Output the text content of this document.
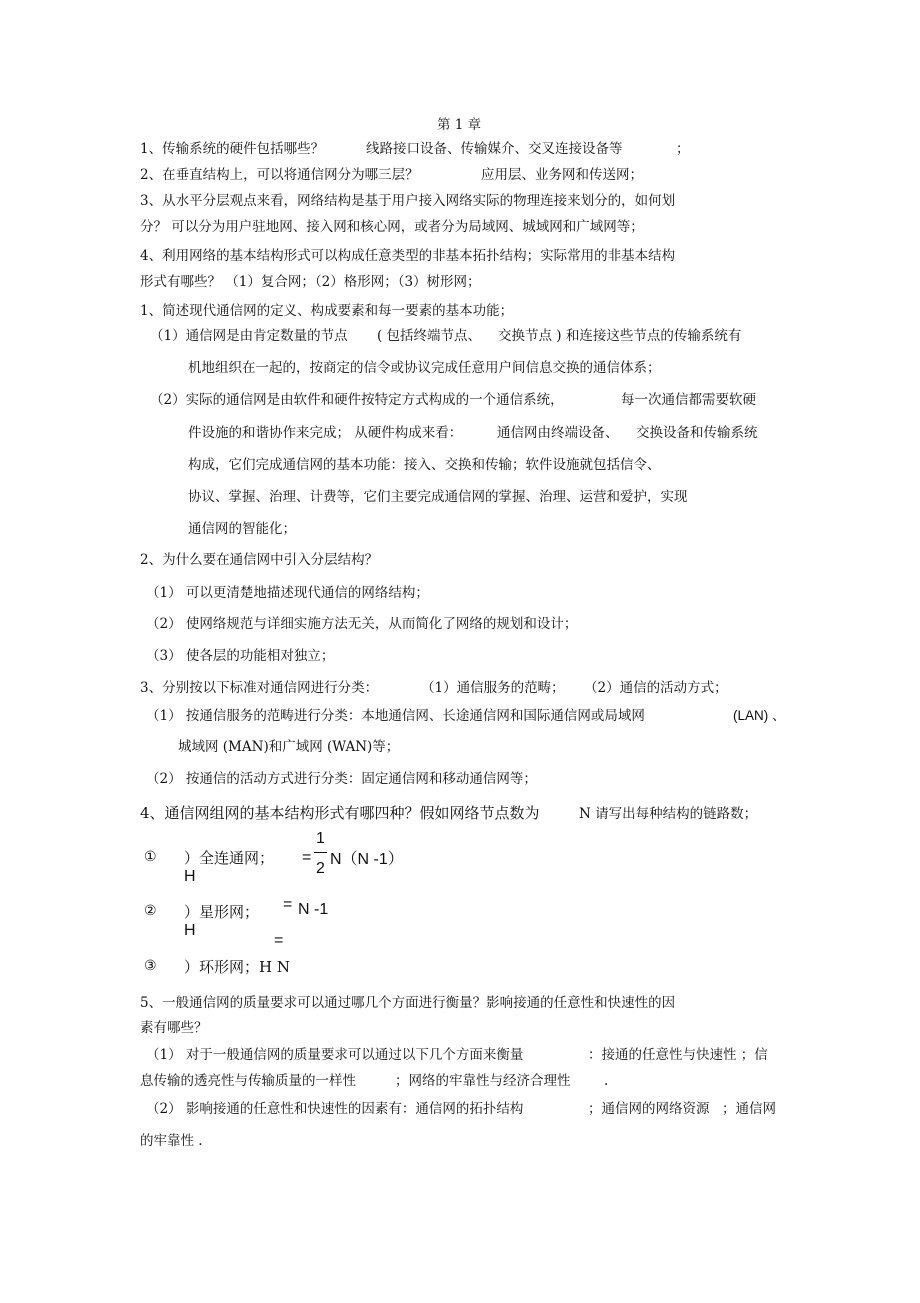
第 1 章
1、传输系统的硬件包括哪些？	线路接口设备、传输媒介、交叉连接设备等	；
2、在垂直结构上，可以将通信网分为哪三层？	应用层、业务网和传送网；
3、从水平分层观点来看，网络结构是基于用户接入网络实际的物理连接来划分的，如何划
分？ 可以分为用户驻地网、接入网和核心网，或者分为局域网、城域网和广域网等；
4、利用网络的基本结构形式可以构成任意类型的非基本拓扑结构；实际常用的非基本结构
形式有哪些？ （1）复合网；（2）格形网；（3）树形网；
1、简述现代通信网的定义、构成要素和每一要素的基本功能；
（1）通信网是由肯定数量的节点 ( 包括终端节点、 交换节点 ) 和连接这些节点的传输系统有
机地组织在一起的，按商定的信令或协议完成任意用户间信息交换的通信体系；
（2）实际的通信网是由软件和硬件按特定方式构成的一个通信系统，	每一次通信都需要软硬
件设施的和谐协作来完成； 从硬件构成来看：	通信网由终端设备、 交换设备和传输系统
构成，它们完成通信网的基本功能：接入、交换和传输；软件设施就包括信令、
协议、掌握、治理、计费等，它们主要完成通信网的掌握、治理、运营和爱护，实现
通信网的智能化；
2、为什么要在通信网中引入分层结构？
（1） 可以更清楚地描述现代通信的网络结构；
（2） 使网络规范与详细实施方法无关，从而简化了网络的规划和设计；
（3） 使各层的功能相对独立；
3、分别按以下标准对通信网进行分类：	（1）通信服务的范畴； （2）通信的活动方式；
（1） 按通信服务的范畴进行分类：本地通信网、长途通信网和国际通信网或局域网	(LAN) 、
城域网 (MAN)和广域网 (WAN)等；
（2） 按通信的活动方式进行分类：固定通信网和移动通信网等；
4、通信网组网的基本结构形式有哪四种？假如网络节点数为	N 请写出每种结构的链路数；
① ）全连通网；
H
=
1
2
N（N -1）
② ）星形网；
H
= N -1
=
③ ）环形网；H N
5、一般通信网的质量要求可以通过哪几个方面进行衡量？影响接通的任意性和快速性的因
素有哪些？
（1） 对于一般通信网的质量要求可以通过以下几个方面来衡量	：接通的任意性与快速性 ；信
息传输的透亮性与传输质量的一样性	；网络的牢靠性与经济合理性 .
（2） 影响接通的任意性和快速性的因素有：通信网的拓扑结构	；通信网的网络资源 ；通信网
的牢靠性 .
